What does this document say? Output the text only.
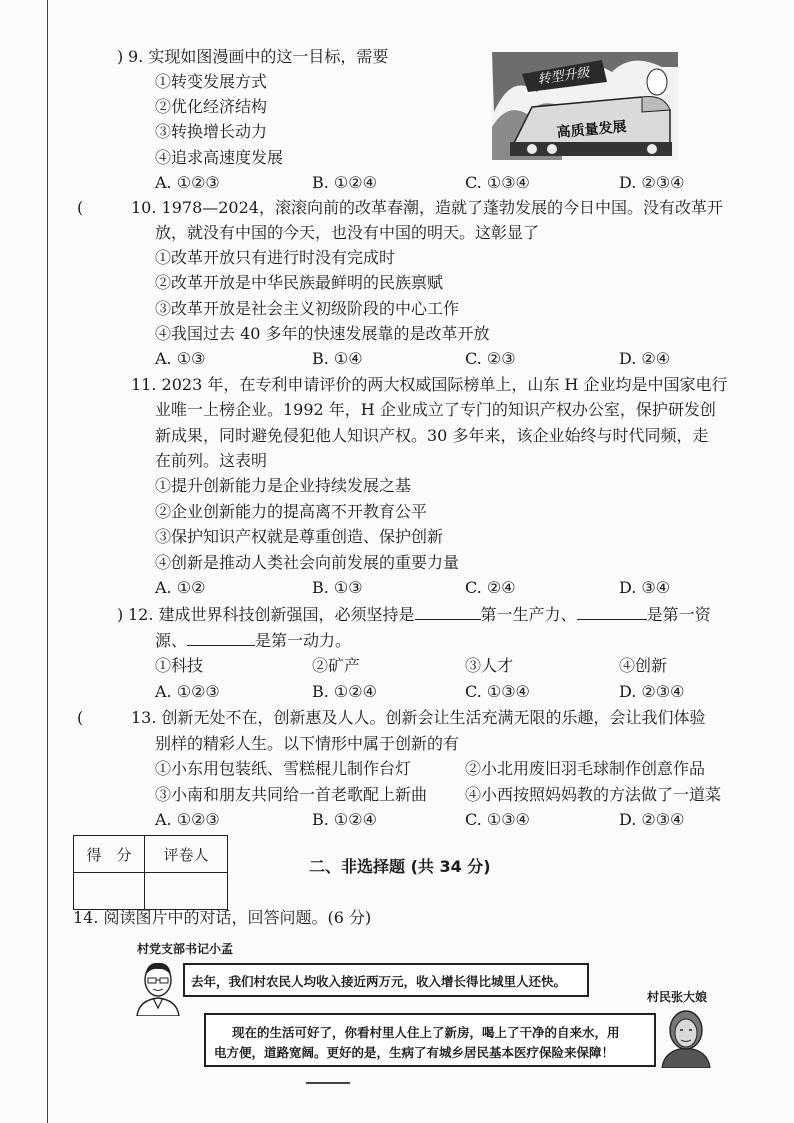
) 9. 实现如图漫画中的这一目标，需要
①转变发展方式
②优化经济结构
③转换增长动力
④追求高速度发展
A. ①②③	B. ①②④	C. ①③④	D. ②③④
转型升级
高质量发展
(	10. 1978—2024，滚滚向前的改革春潮，造就了蓬勃发展的今日中国。没有改革开
放，就没有中国的今天，也没有中国的明天。这彰显了
①改革开放只有进行时没有完成时
②改革开放是中华民族最鲜明的民族禀赋
③改革开放是社会主义初级阶段的中心工作
④我国过去 40 多年的快速发展靠的是改革开放
A. ①③	B. ①④	C. ②③	D. ②④
11. 2023 年，在专利申请评价的两大权威国际榜单上，山东 H 企业均是中国家电行
业唯一上榜企业。1992 年，H 企业成立了专门的知识产权办公室，保护研发创
新成果，同时避免侵犯他人知识产权。30 多年来，该企业始终与时代同频，走
在前列。这表明
①提升创新能力是企业持续发展之基
②企业创新能力的提高离不开教育公平
③保护知识产权就是尊重创造、保护创新
④创新是推动人类社会向前发展的重要力量
A. ①②	B. ①③	C. ②④	D. ③④
) 12. 建成世界科技创新强国，必须坚持是	第一生产力、	是第一资
源、	是第一动力。
①科技	②矿产	③人才	④创新
A. ①②③	B. ①②④	C. ①③④	D. ②③④
(	13. 创新无处不在，创新惠及人人。创新会让生活充满无限的乐趣，会让我们体验
别样的精彩人生。以下情形中属于创新的有
①小东用包装纸、雪糕棍儿制作台灯	②小北用废旧羽毛球制作创意作品
③小南和朋友共同给一首老歌配上新曲 ④小西按照妈妈教的方法做了一道菜
A. ①②③	B. ①②④	C. ①③④	D. ②③④
得　分	评卷人

二、非选择题 (共 34 分)
14. 阅读图片中的对话，回答问题。(6 分)
村党支部书记小孟
去年，我们村农民人均收入接近两万元，收入增长得比城里人还快。
村民张大娘
现在的生活可好了，你看村里人住上了新房，喝上了干净的自来水，用
电方便，道路宽阔。更好的是，生病了有城乡居民基本医疗保险来保障！
